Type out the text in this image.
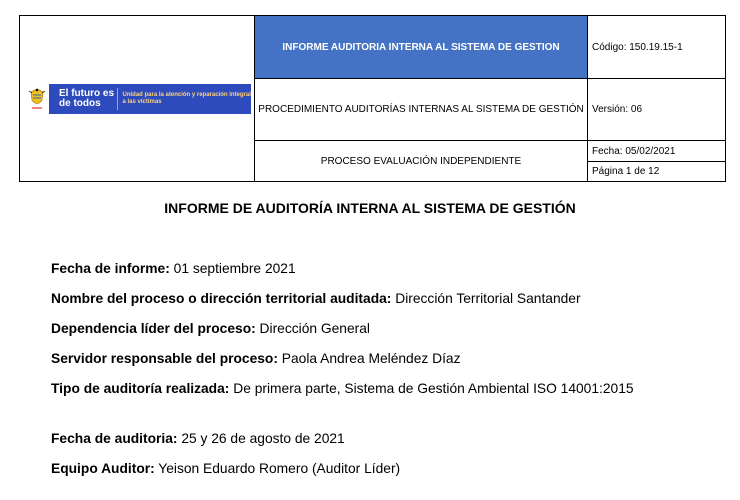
El futuro es de todos
Unidad para la atención y reparación integral a las víctimas	INFORME AUDITORIA INTERNA AL SISTEMA DE GESTION	Código: 150.19.15-1
	PROCEDIMIENTO AUDITORÍAS INTERNAS AL SISTEMA DE GESTIÓN	Versión: 06
	PROCESO EVALUACIÓN INDEPENDIENTE	Fecha: 05/02/2021
Página 1 de 12
INFORME DE AUDITORÍA INTERNA AL SISTEMA DE GESTIÓN
Fecha de informe: 01 septiembre 2021
Nombre del proceso o dirección territorial auditada: Dirección Territorial Santander
Dependencia líder del proceso: Dirección General
Servidor responsable del proceso: Paola Andrea Meléndez Díaz
Tipo de auditoría realizada: De primera parte, Sistema de Gestión Ambiental ISO 14001:2015
Fecha de auditoria: 25 y 26 de agosto de 2021
Equipo Auditor: Yeison Eduardo Romero (Auditor Líder)
